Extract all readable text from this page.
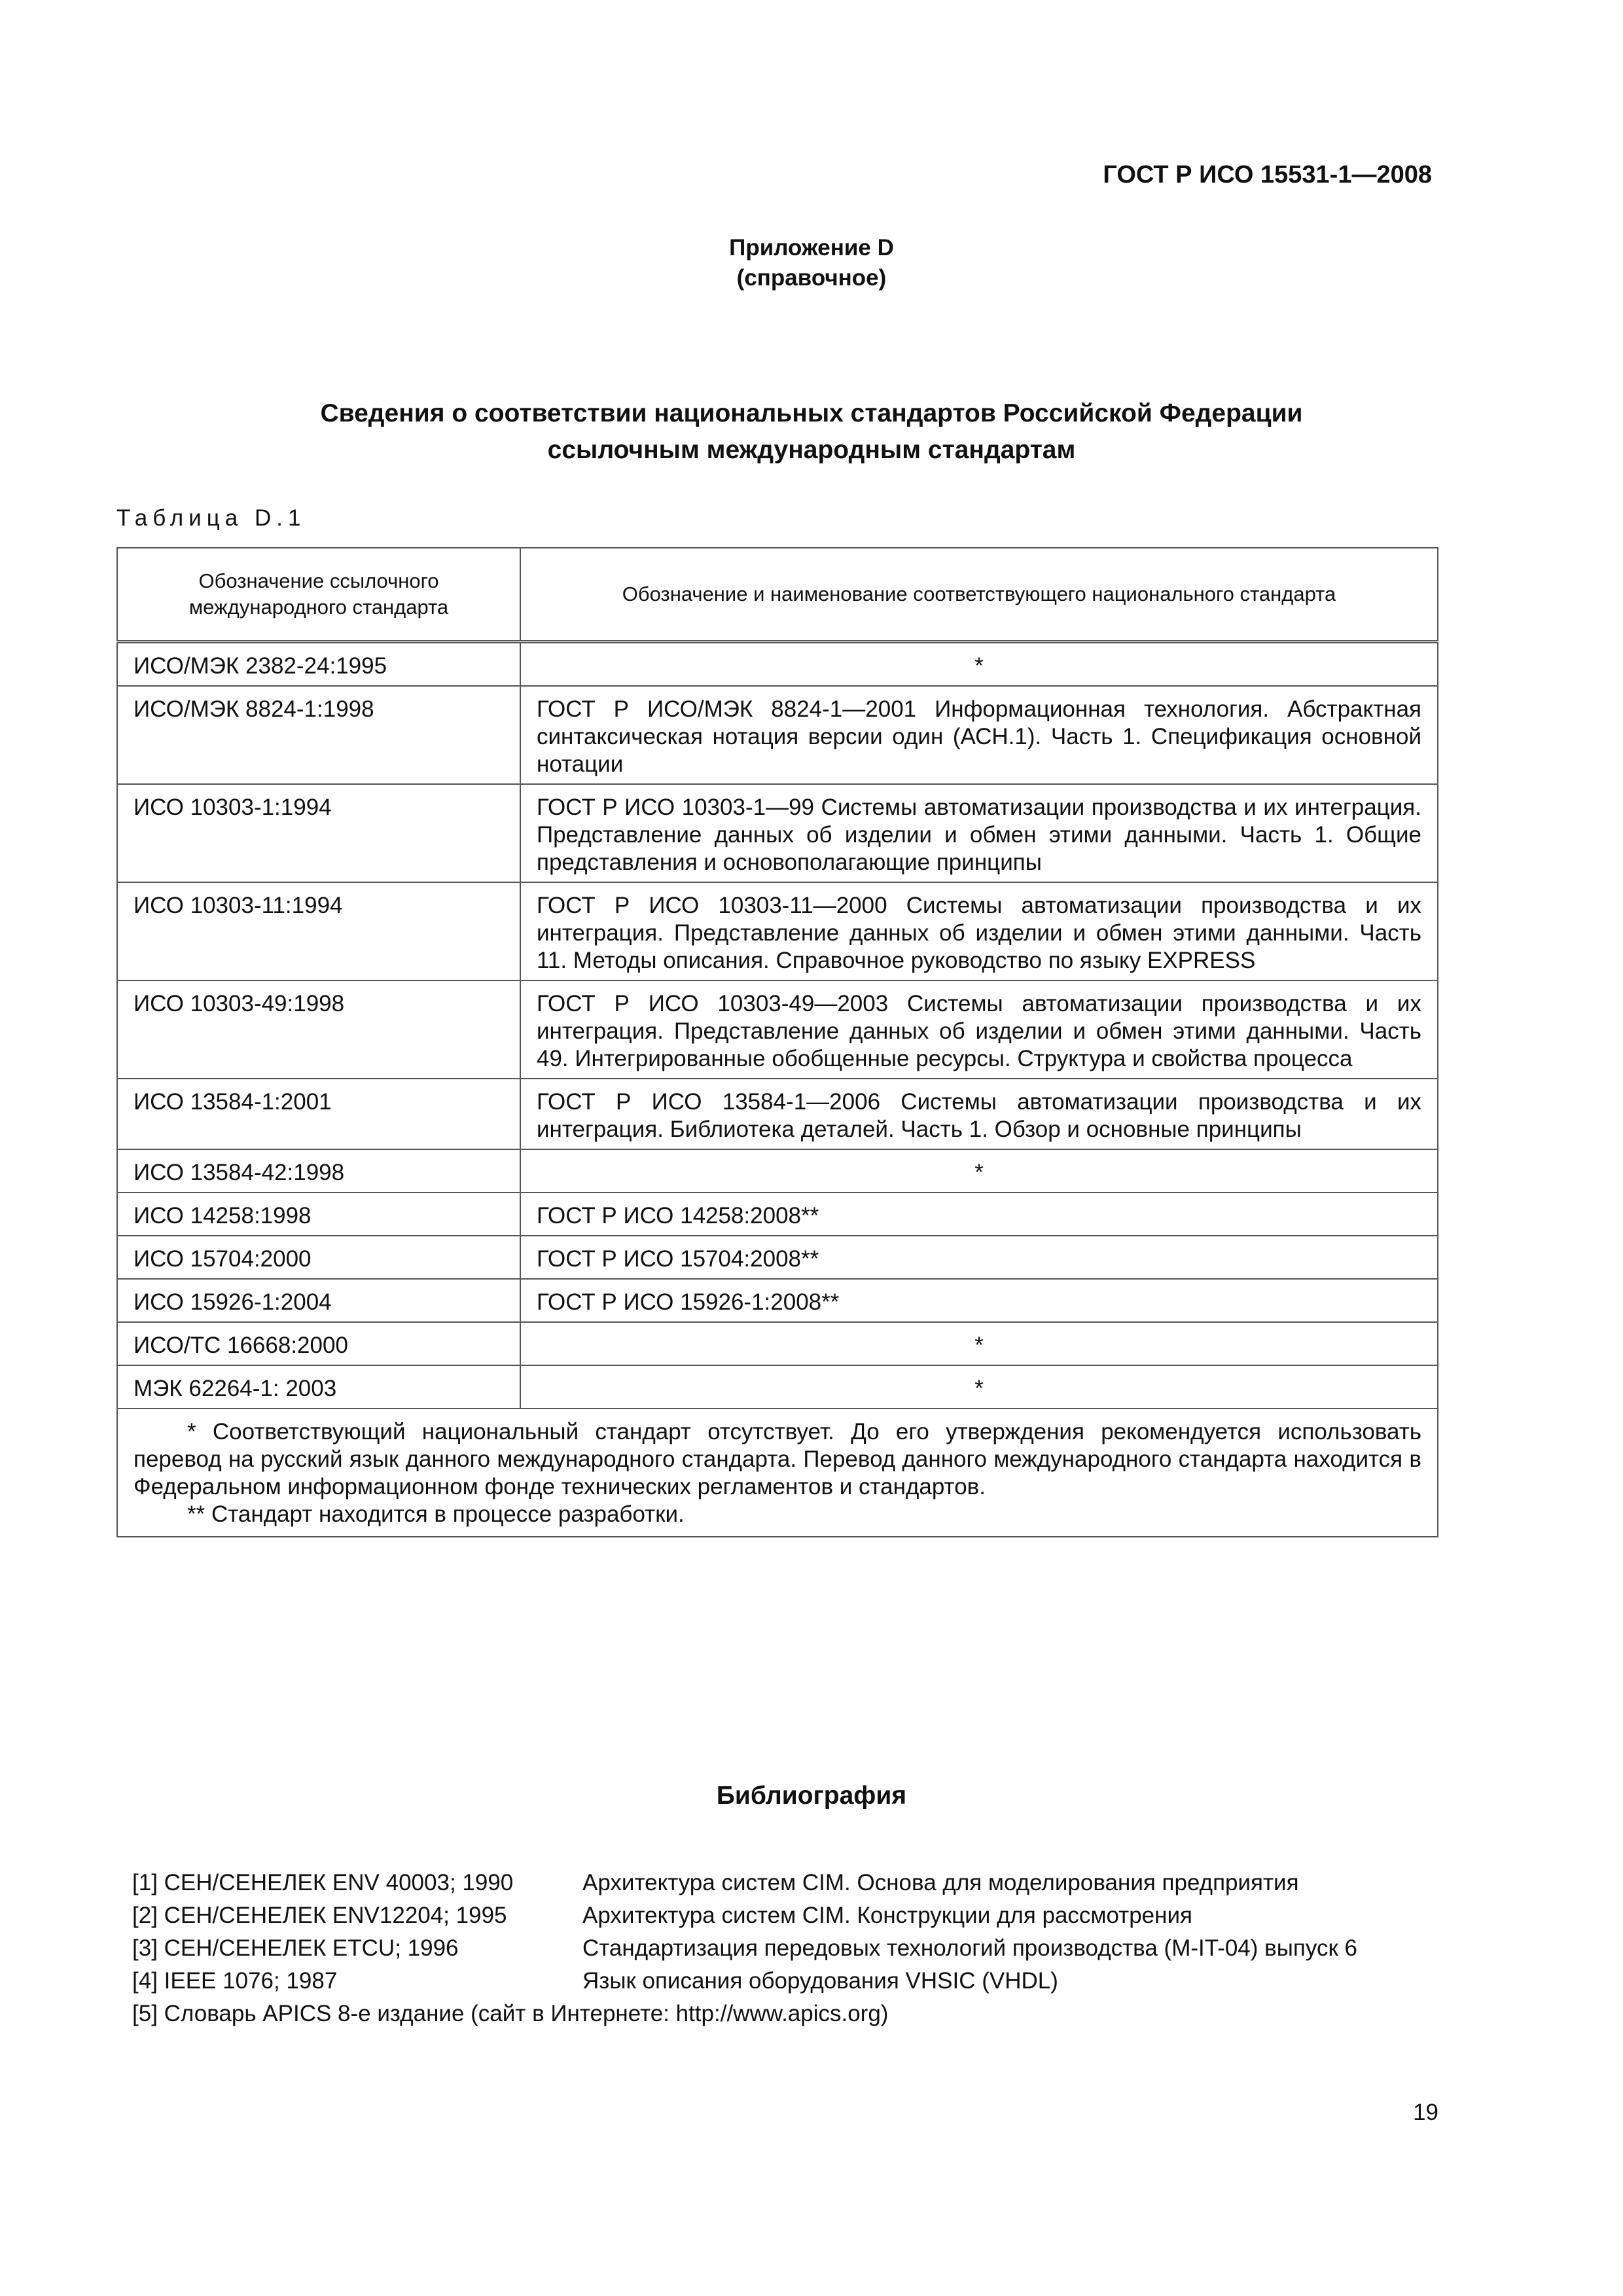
ГОСТ Р ИСО 15531-1—2008
Приложение D
(справочное)
Сведения о соответствии национальных стандартов Российской Федерации
ссылочным международным стандартам
Таблица D.1
Обозначение ссылочного международного стандарта	Обозначение и наименование соответствующего национального стандарта
ИСО/МЭК 2382-24:1995	*
ИСО/МЭК 8824-1:1998	ГОСТ Р ИСО/МЭК 8824-1—2001 Информационная технология. Абстрактная синтаксическая нотация версии один (АСН.1). Часть 1. Спецификация основной нотации
ИСО 10303-1:1994	ГОСТ Р ИСО 10303-1—99 Системы автоматизации производства и их интеграция. Представление данных об изделии и обмен этими данными. Часть 1. Общие представления и основополагающие принципы
ИСО 10303-11:1994	ГОСТ Р ИСО 10303-11—2000 Системы автоматизации производства и их интеграция. Представление данных об изделии и обмен этими данными. Часть 11. Методы описания. Справочное руководство по языку EXPRESS
ИСО 10303-49:1998	ГОСТ Р ИСО 10303-49—2003 Системы автоматизации производства и их интеграция. Представление данных об изделии и обмен этими данными. Часть 49. Интегрированные обобщенные ресурсы. Структура и свойства процесса
ИСО 13584-1:2001	ГОСТ Р ИСО 13584-1—2006 Системы автоматизации производства и их интеграция. Библиотека деталей. Часть 1. Обзор и основные принципы
ИСО 13584-42:1998	*
ИСО 14258:1998	ГОСТ Р ИСО 14258:2008**
ИСО 15704:2000	ГОСТ Р ИСО 15704:2008**
ИСО 15926-1:2004	ГОСТ Р ИСО 15926-1:2008**
ИСО/ТС 16668:2000	*
МЭК 62264-1: 2003	*

* Соответствующий национальный стандарт отсутствует. До его утверждения рекомендуется использовать перевод на русский язык данного международного стандарта. Перевод данного международного стандарта находится в Федеральном информационном фонде технических регламентов и стандартов.

** Стандарт находится в процессе разработки.	

Библиография
[1] СЕН/СЕНЕЛЕК ENV 40003; 1990	Архитектура систем CIM. Основа для моделирования предприятия
[2] СЕН/СЕНЕЛЕК ENV12204; 1995	Архитектура систем CIM. Конструкции для рассмотрения
[3] СЕН/СЕНЕЛЕК ETCU; 1996	Стандартизация передовых технологий производства (M-IT-04) выпуск 6
[4] IEEE 1076; 1987	Язык описания оборудования VHSIC (VHDL)
[5] Словарь APICS 8-е издание (сайт в Интернете: http://www.apics.org)
19
